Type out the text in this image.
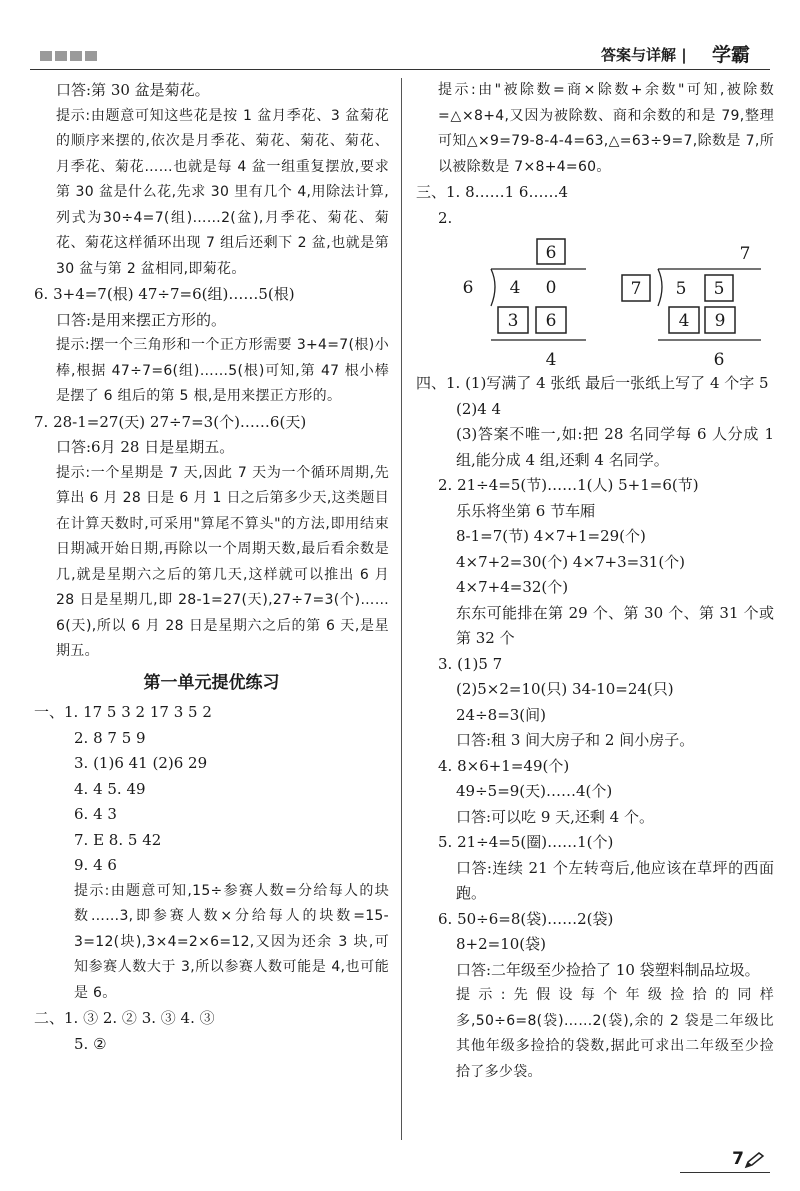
答案与详解 |	学霸
口答:第 30 盆是菊花。
提示:由题意可知这些花是按 1 盆月季花、3 盆菊花的顺序来摆的,依次是月季花、菊花、菊花、菊花、月季花、菊花……也就是每 4 盆一组重复摆放,要求第 30 盆是什么花,先求 30 里有几个 4,用除法计算,列式为30÷4=7(组)……2(盆),月季花、菊花、菊花、菊花这样循环出现 7 组后还剩下 2 盆,也就是第30 盆与第 2 盆相同,即菊花。
6. 3+4=7(根) 47÷7=6(组)……5(根)
口答:是用来摆正方形的。
提示:摆一个三角形和一个正方形需要 3+4=7(根)小棒,根据 47÷7=6(组)……5(根)可知,第 47 根小棒是摆了 6 组后的第 5 根,是用来摆正方形的。
7. 28-1=27(天) 27÷7=3(个)……6(天)
口答:6月 28 日是星期五。
提示:一个星期是 7 天,因此 7 天为一个循环周期,先算出 6 月 28 日是 6 月 1 日之后第多少天,这类题目在计算天数时,可采用"算尾不算头"的方法,即用结束日期减开始日期,再除以一个周期天数,最后看余数是几,就是星期六之后的第几天,这样就可以推出 6 月 28 日是星期几,即 28-1=27(天),27÷7=3(个)……6(天),所以 6 月 28 日是星期六之后的第 6 天,是星期五。
第一单元提优练习
一、1. 17 5 3 2 17 3 5 2
2. 8 7 5 9
3. (1)6 41 (2)6 29
4. 4 5. 49
6. 4 3
7. E 8. 5 42
9. 4 6
提示:由题意可知,15÷参赛人数=分给每人的块数……3,即参赛人数×分给每人的块数=15-3=12(块),3×4=2×6=12,又因为还余 3 块,可知参赛人数大于 3,所以参赛人数可能是 4,也可能是 6。
二、1. ③ 2. ② 3. ③ 4. ③
5. ②
提示:由"被除数=商×除数+余数"可知,被除数=△×8+4,又因为被除数、商和余数的和是 79,整理可知△×9=79-8-4-4=63,△=63÷9=7,除数是 7,所以被除数是 7×8+4=60。
三、1. 8……1 6……4
2.
6
6 4 0
3 6
4
7
7 5 5
4 9
6
四、1. (1)写满了 4 张纸 最后一张纸上写了 4 个字 5
(2)4 4
(3)答案不唯一,如:把 28 名同学每 6 人分成 1 组,能分成 4 组,还剩 4 名同学。
2. 21÷4=5(节)……1(人) 5+1=6(节)
乐乐将坐第 6 节车厢
8-1=7(节) 4×7+1=29(个)
4×7+2=30(个) 4×7+3=31(个)
4×7+4=32(个)
东东可能排在第 29 个、第 30 个、第 31 个或第 32 个
3. (1)5 7
(2)5×2=10(只) 34-10=24(只)
24÷8=3(间)
口答:租 3 间大房子和 2 间小房子。
4. 8×6+1=49(个)
49÷5=9(天)……4(个)
口答:可以吃 9 天,还剩 4 个。
5. 21÷4=5(圈)……1(个)
口答:连续 21 个左转弯后,他应该在草坪的西面跑。
6. 50÷6=8(袋)……2(袋)
8+2=10(袋)
口答:二年级至少捡拾了 10 袋塑料制品垃圾。
提示:先假设每个年级捡拾的同样多,50÷6=8(袋)……2(袋),余的 2 袋是二年级比其他年级多捡拾的袋数,据此可求出二年级至少捡拾了多少袋。
7
